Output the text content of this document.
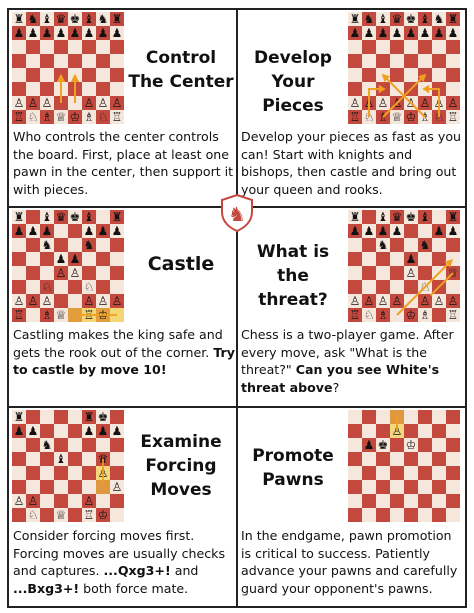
Control
The Center
Who controls the center controls the board. First, place at least one pawn in the center, then support it with pieces.
Develop
Your Pieces
Develop your pieces as fast as you can! Start with knights and bishops, then castle and bring out your queen and rooks.
♞
Castle
Castling makes the king safe and gets the rook out of the corner. Try to castle by move 10!
What is the
threat?
Chess is a two-player game. After every move, ask "What is the threat?" Can you see White's threat above?
Examine
Forcing
Moves
Consider forcing moves first. Forcing moves are usually checks and captures. ...Qxg3+! and ...Bxg3+! both force mate.
Promote
Pawns
In the endgame, pawn promotion is critical to success. Patiently advance your pawns and carefully guard your opponent's pawns.
